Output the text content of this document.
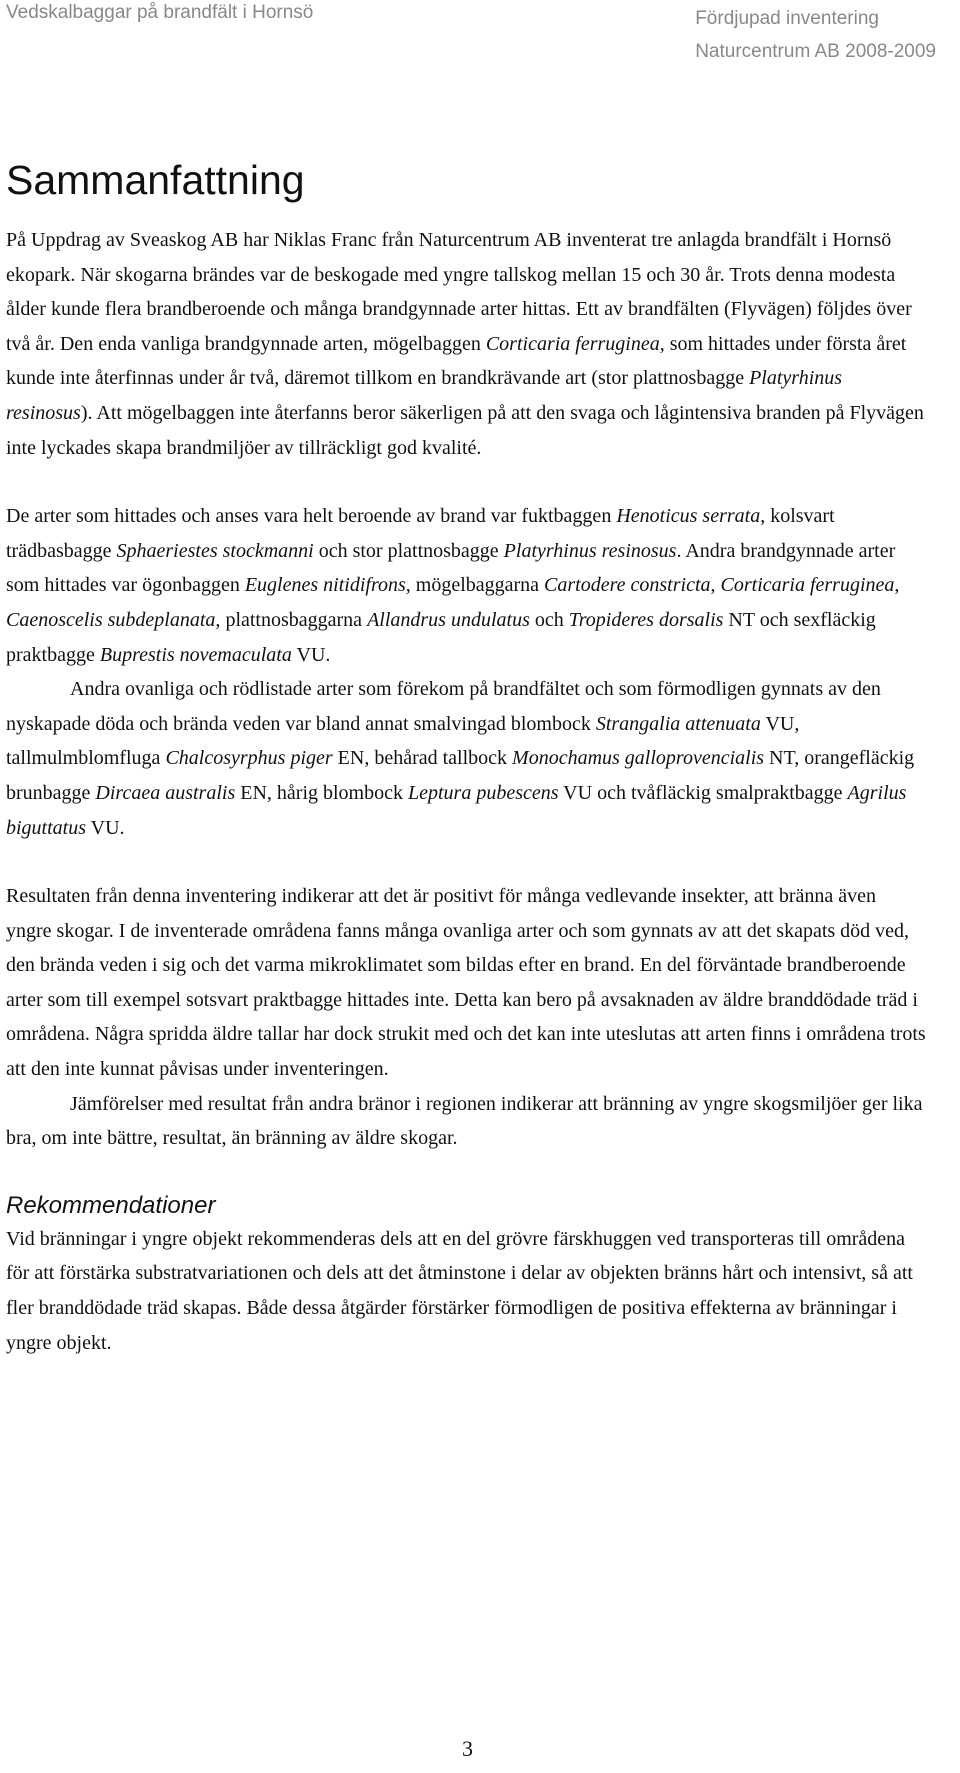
Vedskalbaggar på brandfält i Hornsö	Fördjupad inventering
Naturcentrum AB 2008-2009
Sammanfattning

På Uppdrag av Sveaskog AB har Niklas Franc från Naturcentrum AB inventerat tre anlagda brandfält i Hornsö ekopark. När skogarna brändes var de beskogade med yngre tallskog mellan 15 och 30 år. Trots denna modesta ålder kunde flera brandberoende och många brandgynnade arter hittas. Ett av brandfälten (Flyvägen) följdes över två år. Den enda vanliga brandgynnade arten, mögelbaggen Corticaria ferruginea, som hittades under första året kunde inte återfinnas under år två, däremot tillkom en brandkrävande art (stor plattnosbagge Platyrhinus resinosus). Att mögelbaggen inte återfanns beror säkerligen på att den svaga och lågintensiva branden på Flyvägen inte lyckades skapa brandmiljöer av tillräckligt god kvalité.

De arter som hittades och anses vara helt beroende av brand var fuktbaggen Henoticus serrata, kolsvart trädbasbagge Sphaeriestes stockmanni och stor plattnosbagge Platyrhinus resinosus. Andra brandgynnade arter som hittades var ögonbaggen Euglenes nitidifrons, mögelbaggarna Cartodere constricta, Corticaria ferruginea, Caenoscelis subdeplanata, plattnosbaggarna Allandrus undulatus och Tropideres dorsalis NT och sexfläckig praktbagge Buprestis novemaculata VU.

Andra ovanliga och rödlistade arter som förekom på brandfältet och som förmodligen gynnats av den nyskapade döda och brända veden var bland annat smalvingad blombock Strangalia attenuata VU, tallmulmblomfluga Chalcosyrphus piger EN, behårad tallbock Monochamus galloprovencialis NT, orangefläckig brunbagge Dircaea australis EN, hårig blombock Leptura pubescens VU och tvåfläckig smalpraktbagge Agrilus biguttatus VU.

Resultaten från denna inventering indikerar att det är positivt för många vedlevande insekter, att bränna även yngre skogar. I de inventerade områdena fanns många ovanliga arter och som gynnats av att det skapats död ved, den brända veden i sig och det varma mikroklimatet som bildas efter en brand. En del förväntade brandberoende arter som till exempel sotsvart praktbagge hittades inte. Detta kan bero på avsaknaden av äldre branddödade träd i områdena. Några spridda äldre tallar har dock strukit med och det kan inte uteslutas att arten finns i områdena trots att den inte kunnat påvisas under inventeringen.

Jämförelser med resultat från andra bränor i regionen indikerar att bränning av yngre skogsmiljöer ger lika bra, om inte bättre, resultat, än bränning av äldre skogar.

Rekommendationer

Vid bränningar i yngre objekt rekommenderas dels att en del grövre färskhuggen ved transporteras till områdena för att förstärka substratvariationen och dels att det åtminstone i delar av objekten bränns hårt och intensivt, så att fler branddödade träd skapas. Både dessa åtgärder förstärker förmodligen de positiva effekterna av bränningar i yngre objekt.

3
